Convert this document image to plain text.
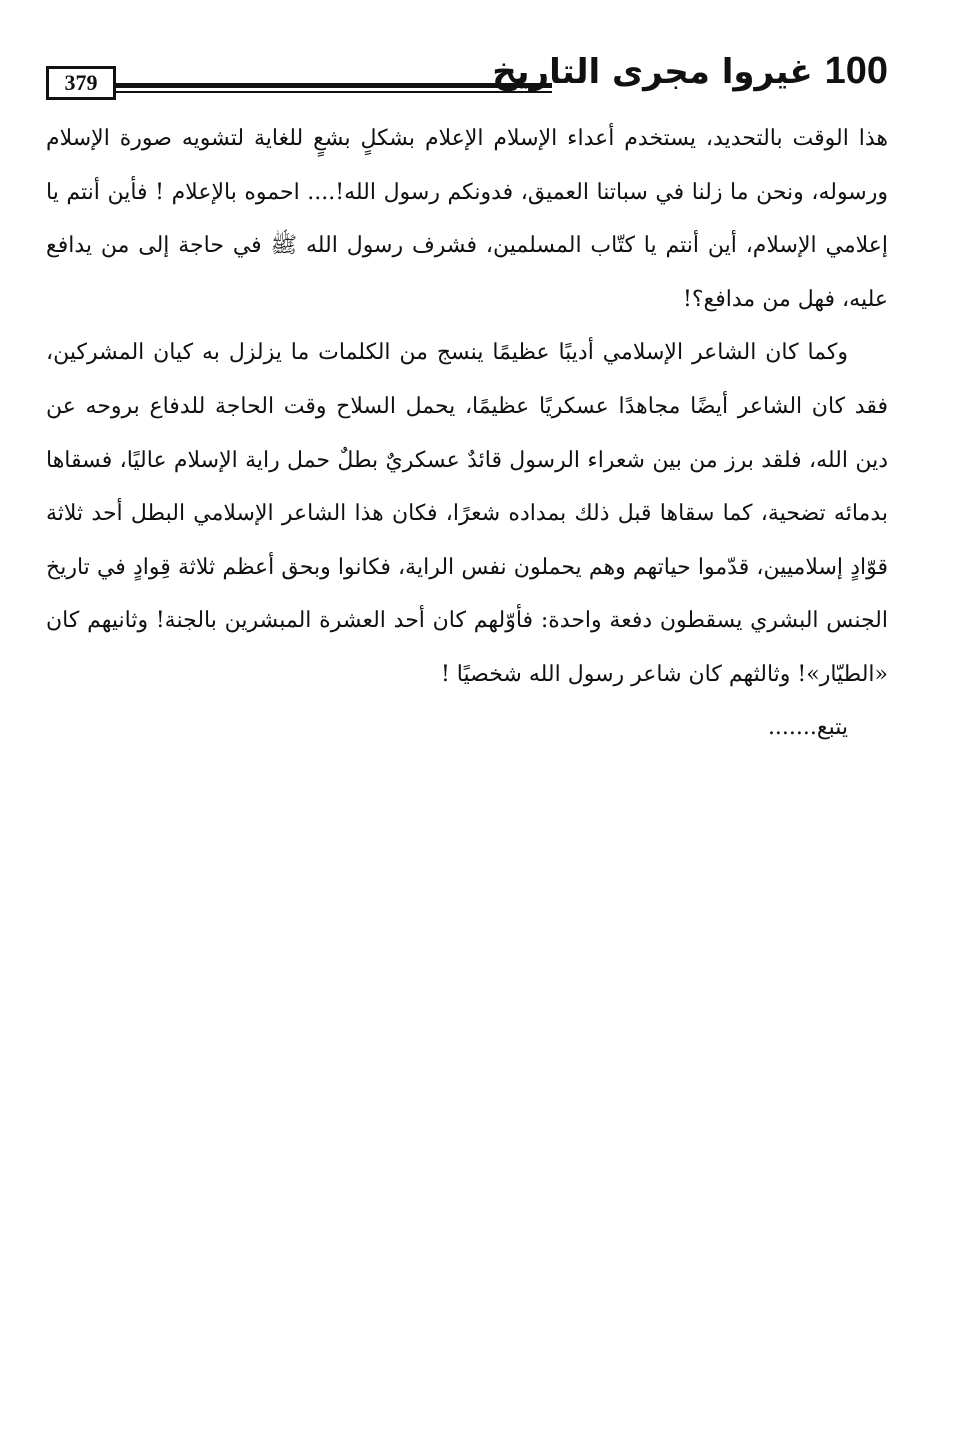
379	100 غيروا مجرى التاريخ

هذا الوقت بالتحديد، يستخدم أعداء الإسلام الإعلام بشكلٍ بشعٍ للغاية لتشويه صورة الإسلام ورسوله، ونحن ما زلنا في سباتنا العميق، فدونكم رسول الله!.... احموه بالإعلام ! فأين أنتم يا إعلامي الإسلام، أين أنتم يا كتّاب المسلمين، فشرف رسول الله ﷺ في حاجة إلى من يدافع عليه، فهل من مدافع؟!

وكما كان الشاعر الإسلامي أديبًا عظيمًا ينسج من الكلمات ما يزلزل به كيان المشركين، فقد كان الشاعر أيضًا مجاهدًا عسكريًا عظيمًا، يحمل السلاح وقت الحاجة للدفاع بروحه عن دين الله، فلقد برز من بين شعراء الرسول قائدٌ عسكريٌ بطلٌ حمل راية الإسلام عاليًا، فسقاها بدمائه تضحية، كما سقاها قبل ذلك بمداده شعرًا، فكان هذا الشاعر الإسلامي البطل أحد ثلاثة قوّادٍ إسلاميين، قدّموا حياتهم وهم يحملون نفس الراية، فكانوا وبحق أعظم ثلاثة قِوادٍ في تاريخ الجنس البشري يسقطون دفعة واحدة: فأوّلهم كان أحد العشرة المبشرين بالجنة! وثانيهم كان «الطيّار»! وثالثهم كان شاعر رسول الله شخصيًا !

يتبع.......
